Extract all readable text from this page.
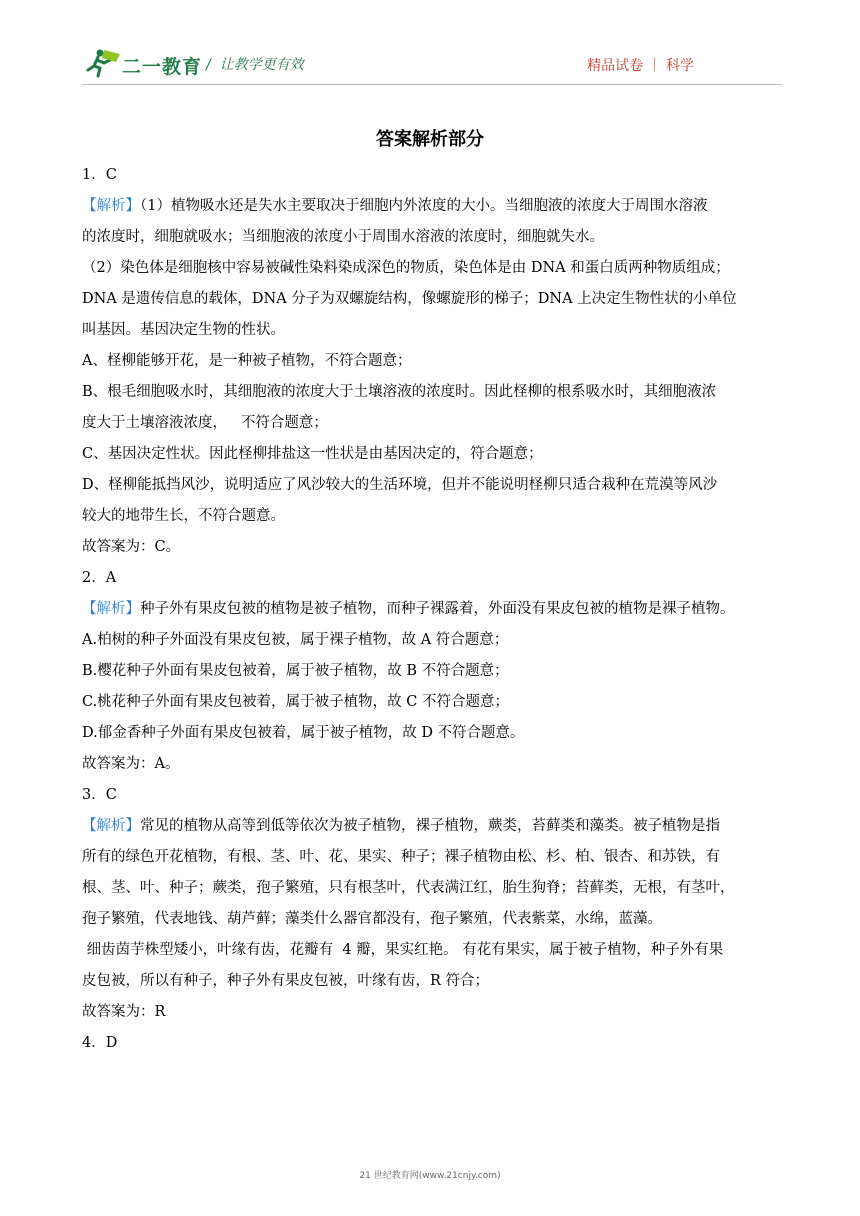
二一教育 / 让教学更有效	精品试卷 ｜ 科学
答案解析部分

1．C

【解析】（1）植物吸水还是失水主要取决于细胞内外浓度的大小。当细胞液的浓度大于周围水溶液

的浓度时，细胞就吸水；当细胞液的浓度小于周围水溶液的浓度时，细胞就失水。

（2）染色体是细胞核中容易被碱性染料染成深色的物质，染色体是由 DNA 和蛋白质两种物质组成；

DNA 是遗传信息的载体，DNA 分子为双螺旋结构，像螺旋形的梯子；DNA 上决定生物性状的小单位

叫基因。基因决定生物的性状。

A、柽柳能够开花，是一种被子植物，不符合题意；

B、根毛细胞吸水时，其细胞液的浓度大于土壤溶液的浓度时。因此柽柳的根系吸水时，其细胞液浓

度大于土壤溶液浓度，   不符合题意；

C、基因决定性状。因此柽柳排盐这一性状是由基因决定的，符合题意；

D、柽柳能抵挡风沙，说明适应了风沙较大的生活环境，但并不能说明柽柳只适合栽种在荒漠等风沙

较大的地带生长，不符合题意。

故答案为：C。

2．A

【解析】种子外有果皮包被的植物是被子植物，而种子裸露着，外面没有果皮包被的植物是裸子植物。

A.柏树的种子外面没有果皮包被，属于裸子植物，故 A 符合题意；

B.樱花种子外面有果皮包被着，属于被子植物，故 B 不符合题意；

C.桃花种子外面有果皮包被着，属于被子植物，故 C 不符合题意；

D.郁金香种子外面有果皮包被着，属于被子植物，故 D 不符合题意。

故答案为：A。

3．C

【解析】常见的植物从高等到低等依次为被子植物，裸子植物，蕨类，苔藓类和藻类。被子植物是指

所有的绿色开花植物，有根、茎、叶、花、果实、种子；裸子植物由松、杉、柏、银杏、和苏铁，有

根、茎、叶、种子；蕨类，孢子繁殖，只有根茎叶，代表满江红，胎生狗脊；苔藓类，无根，有茎叶，

孢子繁殖，代表地钱、葫芦藓；藻类什么器官都没有，孢子繁殖，代表紫菜，水绵，蓝藻。

细齿茵芋株型矮小，叶缘有齿，花瓣有  4 瓣，果实红艳。 有花有果实，属于被子植物，种子外有果

皮包被，所以有种子，种子外有果皮包被，叶缘有齿，R 符合；

故答案为：R

4．D

21 世纪教育网(www.21cnjy.com)
